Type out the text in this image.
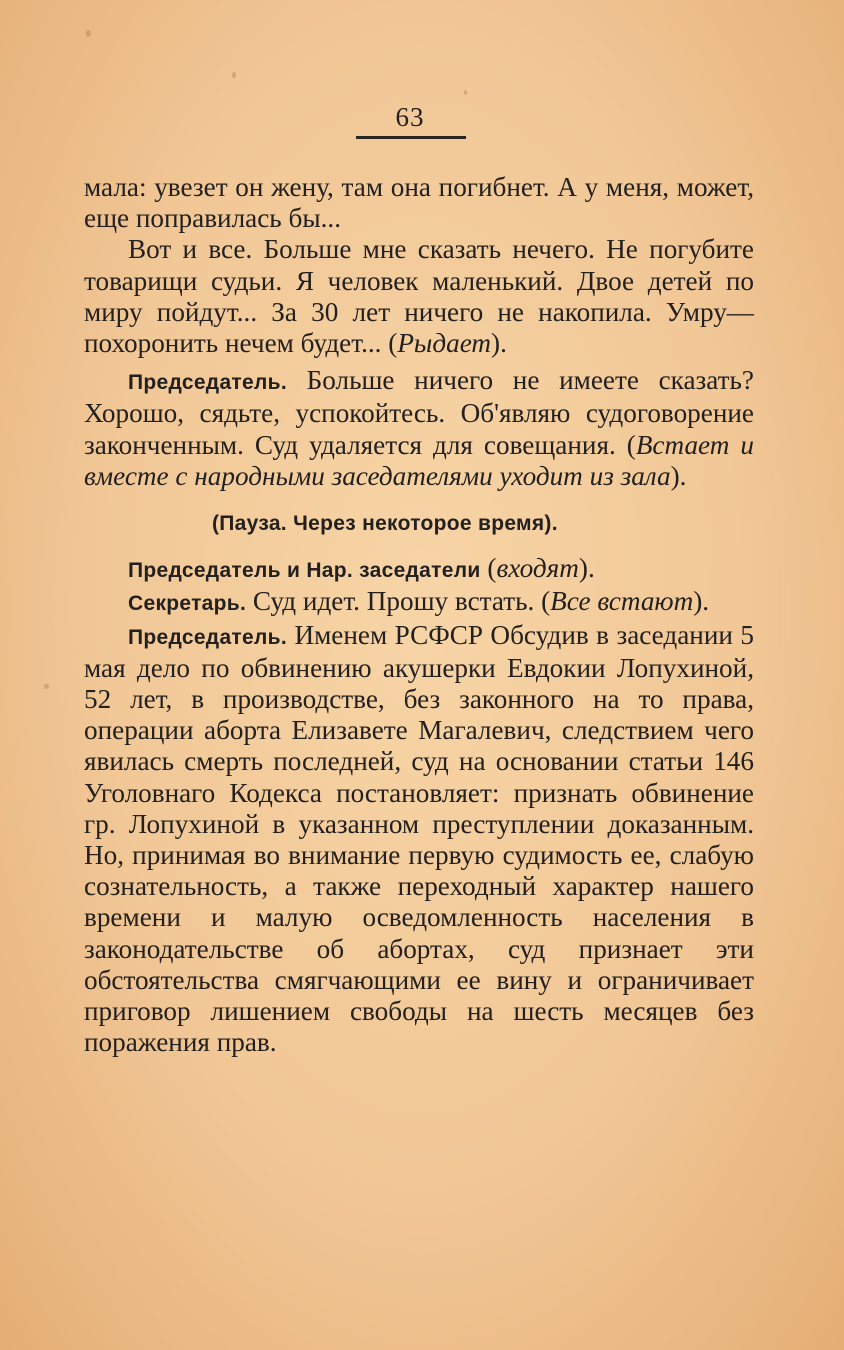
63

мала: увезет он жену, там она погибнет. А у меня, может, еще поправилась бы...

Вот и все. Больше мне сказать нечего. Не погубите товарищи судьи. Я человек маленький. Двое детей по миру пойдут... За 30 лет ничего не накопила. Умру—похоронить нечем будет... (Рыдает).

Председатель. Больше ничего не имеете сказать? Хорошо, сядьте, успокойтесь. Об'являю судоговорение законченным. Суд удаляется для совещания. (Встает и вместе с народными заседателями уходит из зала).

(Пауза. Через некоторое время).

Председатель и Нар. заседатели (входят).

Секретарь. Суд идет. Прошу встать. (Все встают).

Председатель. Именем РСФСР Обсудив в заседании 5 мая дело по обвинению акушерки Евдокии Лопухиной, 52 лет, в производстве, без законного на то права, операции аборта Елизавете Магалевич, следствием чего явилась смерть последней, суд на основании статьи 146 Уголовнаго Кодекса постановляет: признать обвинение гр. Лопухиной в указанном преступлении доказанным. Но, принимая во внимание первую судимость ее, слабую сознательность, а также переходный характер нашего времени и малую осведомленность населения в законодательстве об абортах, суд признает эти обстоятельства смягчающими ее вину и ограничивает приговор лишением свободы на шесть месяцев без поражения прав.
